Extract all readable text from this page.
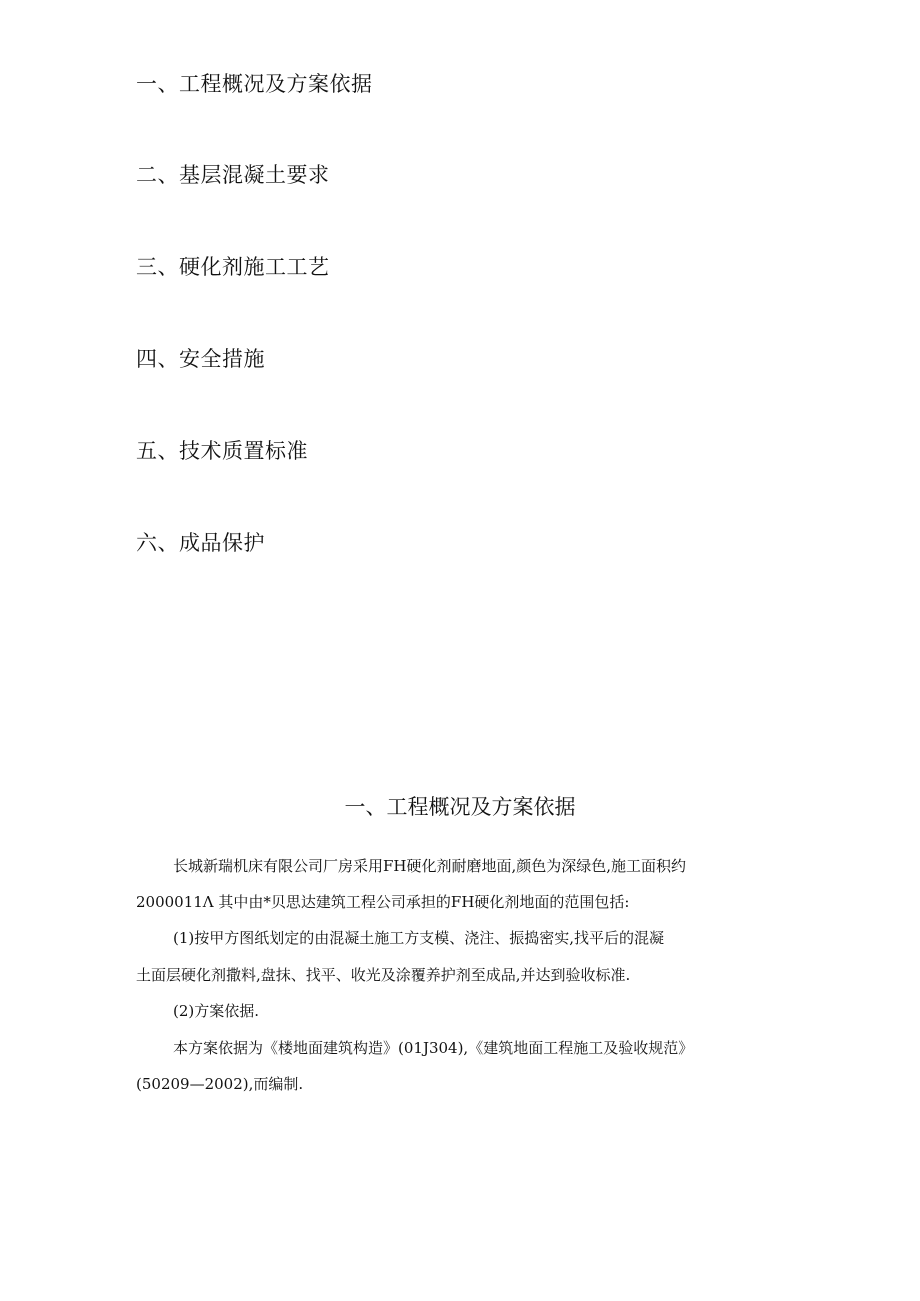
一、工程概况及方案依据
二、基层混凝土要求
三、硬化剂施工工艺
四、安全措施
五、技术质置标准
六、成品保护
一、工程概况及方案依据
长城新瑞机床有限公司厂房采用FH硬化剂耐磨地面,颜色为深绿色,施工面积约
2000011Λ 其中由*贝思达建筑工程公司承担的FH硬化剂地面的范围包括:
(1)按甲方图纸划定的由混凝土施工方支模、浇注、振捣密实,找平后的混凝
土面层硬化剂撒料,盘抹、找平、收光及涂覆养护剂至成品,并达到验收标准.
(2)方案依据.
本方案依据为《楼地面建筑构造》(01J304),《建筑地面工程施工及验收规范》
(50209—2002),而编制.
